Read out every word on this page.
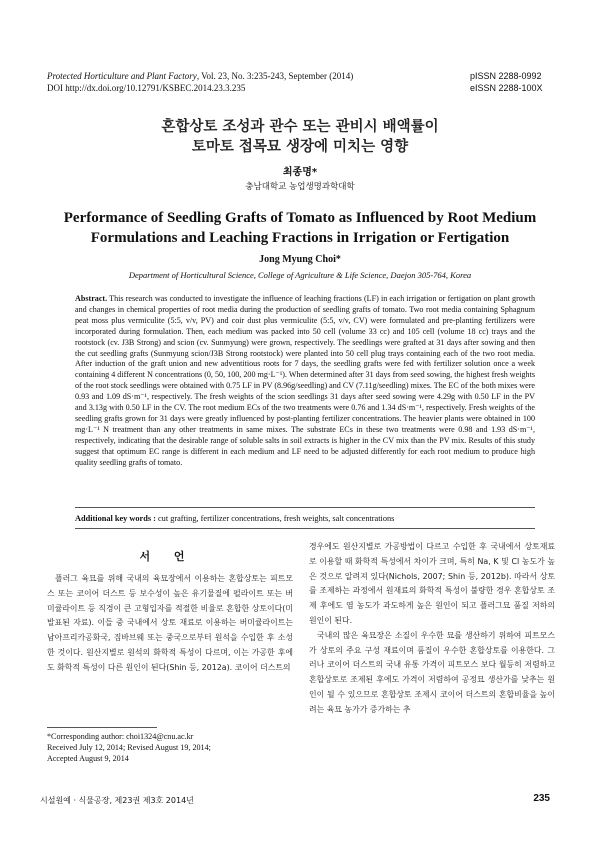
Protected Horticulture and Plant Factory, Vol. 23, No. 3:235-243, September (2014)
DOI http://dx.doi.org/10.12791/KSBEC.2014.23.3.235
pISSN 2288-0992
eISSN 2288-100X
혼합상토 조성과 관수 또는 관비시 배액률이
토마토 접목묘 생장에 미치는 영향
최종명*
충남대학교 농업생명과학대학
Performance of Seedling Grafts of Tomato as Influenced by Root Medium
Formulations and Leaching Fractions in Irrigation or Fertigation
Jong Myung Choi*
Department of Horticultural Science, College of Agriculture & Life Science, Daejon 305-764, Korea
Abstract. This research was conducted to investigate the influence of leaching fractions (LF) in each irrigation or fertigation on plant growth and changes in chemical properties of root media during the production of seedling grafts of tomato. Two root media containing Sphagnum peat moss plus vermiculite (5:5, v/v, PV) and coir dust plus vermiculite (5:5, v/v, CV) were formulated and pre-planting fertilizers were incorporated during formulation. Then, each medium was packed into 50 cell (volume 33 cc) and 105 cell (volume 18 cc) trays and the rootstock (cv. J3B Strong) and scion (cv. Sunmyung) were grown, respectively. The seedlings were grafted at 31 days after sowing and then the cut seedling grafts (Sunmyung scion/J3B Strong rootstock) were planted into 50 cell plug trays containing each of the two root media. After induction of the graft union and new adventitious roots for 7 days, the seedling grafts were fed with fertilizer solution once a week containing 4 different N concentrations (0, 50, 100, 200 mg·L⁻¹). When determined after 31 days from seed sowing, the highest fresh weights of the root stock seedlings were obtained with 0.75 LF in PV (8.96g/seedling) and CV (7.11g/seedling) mixes. The EC of the both mixes were 0.93 and 1.09 dS·m⁻¹, respectively. The fresh weights of the scion seedlings 31 days after seed sowing were 4.29g with 0.50 LF in the PV and 3.13g with 0.50 LF in the CV. The root medium ECs of the two treatments were 0.76 and 1.34 dS·m⁻¹, respectively. Fresh weights of the seedling grafts grown for 31 days were greatly influenced by post-planting fertilizer concentrations. The heavier plants were obtained in 100 mg·L⁻¹ N treatment than any other treatments in same mixes. The substrate ECs in these two treatments were 0.98 and 1.93 dS·m⁻¹, respectively, indicating that the desirable range of soluble salts in soil extracts is higher in the CV mix than the PV mix. Results of this study suggest that optimum EC range is different in each medium and LF need to be adjusted differently for each root medium to produce high quality seedling grafts of tomato.
Additional key words : cut grafting, fertilizer concentrations, fresh weights, salt concentrations
서 언

플러그 육묘를 위해 국내의 육묘장에서 이용하는 혼합상토는 피트모스 또는 코이어 더스트 등 보수성이 높은 유기물질에 펄라이트 또는 버미큘라이트 등 직경이 큰 고형입자를 적절한 비율로 혼합한 상토이다(미 발표된 자료). 이들 중 국내에서 상토 재료로 이용하는 버미큘라이트는 남아프리카공화국, 짐바브웨 또는 중국으로부터 원석을 수입한 후 소성한 것이다. 원산지별로 원석의 화학적 특성이 다르며, 이는 가공한 후에도 화학적 특성이 다른 원인이 된다(Shin 등, 2012a). 코이어 더스트의

경우에도 원산지별로 가공방법이 다르고 수입한 후 국내에서 상토재료로 이용할 때 화학적 특성에서 차이가 크며, 특히 Na, K 및 Cl 농도가 높은 것으로 알려져 있다(Nichols, 2007; Shin 등, 2012b). 따라서 상토를 조제하는 과정에서 원재료의 화학적 특성이 불량한 경우 혼합상토 조제 후에도 염 농도가 과도하게 높은 원인이 되고 플러그묘 품질 저하의 원인이 된다.

국내의 많은 육묘장은 소질이 우수한 묘를 생산하기 위하여 피트모스가 상토의 주요 구성 재료이며 품질이 우수한 혼합상토를 이용한다. 그러나 코이어 더스트의 국내 유통 가격이 피트모스 보다 월등히 저렴하고 혼합상토로 조제된 후에도 가격이 저렴하여 공정묘 생산가를 낮추는 원인이 될 수 있으므로 혼합상토 조제시 코이어 더스트의 혼합비율을 높이려는 육묘 농가가 증가하는 추

*Corresponding author: choi1324@cnu.ac.kr
Received July 12, 2014; Revised August 19, 2014;
Accepted August 9, 2014
시설원예 · 식물공장, 제23권 제3호 2014년	235
